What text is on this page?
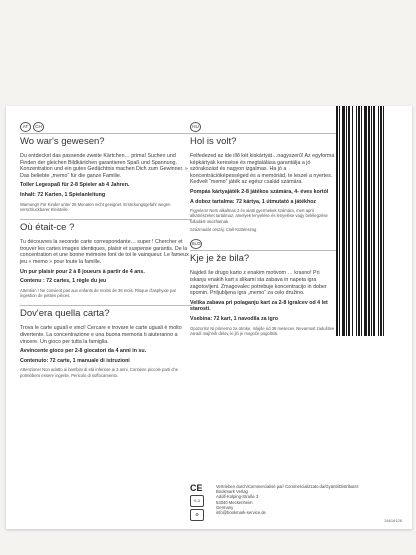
AT	CH
Wo war's gewesen?
Du entdeckst das passende zweite Kärtchen… prima! Suchen und Finden der gleichen Bildkärtchen garantieren Spaß und Spannung. Konzentration und ein gutes Gedächtnis machen Dich zum Gewinner. » Das beliebte „memo“ für die ganze Familie.
Toller Legespaß für 2-8 Spieler ab 4 Jahren.
Inhalt: 72 Karten, 1 Spielanleitung
Warnung!! Für Kinder unter 36 Monaten nicht geeignet. Erstickungsgefahr wegen verschluckbarer Kleinteile.
Où était-ce ?
Tu découvres la seconde carte correspondante… super ! Chercher et trouver les cartes images identiques, plaisir et suspense garantis. De la concentration et une bonne mémoire font de toi le vainqueur. Le fameux jeu « memo » pour toute la famille.
Un pur plaisir pour 2 à 8 joueurs à partir de 4 ans.
Contenu : 72 cartes, 1 règle du jeu
Attention ! Ne convient pas aux enfants de moins de 36 mois. Risque d'asphyxie par ingestion de petites pièces.
Dov'era quella carta?
Trova le carte uguali e vinci! Cercare e trovare le carte uguali è molto divertente. La concentrazione e una buona memoria ti aiuteranno a vincere. Un gioco per tutta la famiglia.
Avvincente gioco per 2-8 giocatori da 4 anni in su.
Contenuto: 72 carte, 1 manuale di istruzioni
Attenzione! Non adatto ai bambini di età inferiore ai 3 anni. Contiene piccole parti che potrebbero essere ingerite. Pericolo di soffocamento.
HU
Hol is volt?
Felfedezed az ide illő két kiskártyát…nagyszerű! Az egyforma képkártyák keresése és megtalálása garantálja a jó szórakozást és nagyon izgalmas. Ha jó a koncentrációképességed és a memóriád, te leszel a nyertes. Kedvelt “memo” játék az egész család számára.
Pompás kártyajáték 2-8 játékos számára, 4- éves kortól
A doboz tartalma: 72 kártya, 1 útmutató a játékhoz
Figyelem! Nem alkalmas 3 év alatti gyermekek számára, mert apró alkatrészeket tartalmaz, amelyek lenyelése és lenyelése vagy belélegzése fulladást okozhatnak.
Százmadár orszáj: Csél Kütténszog
SLO
Kje je že bila?
Najdeš še drugo karto z enakim motivom … krasno! Pri iskanju enakih kart s slikami sta zabava in napeta igra zagotovljeni. Zmagovalec potrebuje koncentracijo in dober spomin. Priljubljena igra „memo“ za celo družino.
Velika zabava pri polaganju kart za 2-8 igralcev od 4 let starosti.
Vsebina: 72 kart, 1 navodila za igro
Opozorilo! Ni primerno za otroke, mlajše od 36 mesecev. Nevarnost zadušitve zaradi majhnih delov, ki jih je mogoče pogoltniti.
CE
0-3
♻
Vertrieben durch/Commercialisé par/ Commercializzato da/Gyártó/Distributer:
Bookmark Verlag
Adolf-Kolping-Straße 3
53340 Meckenheim
Germany
info@bookmark-service.de
24616126
